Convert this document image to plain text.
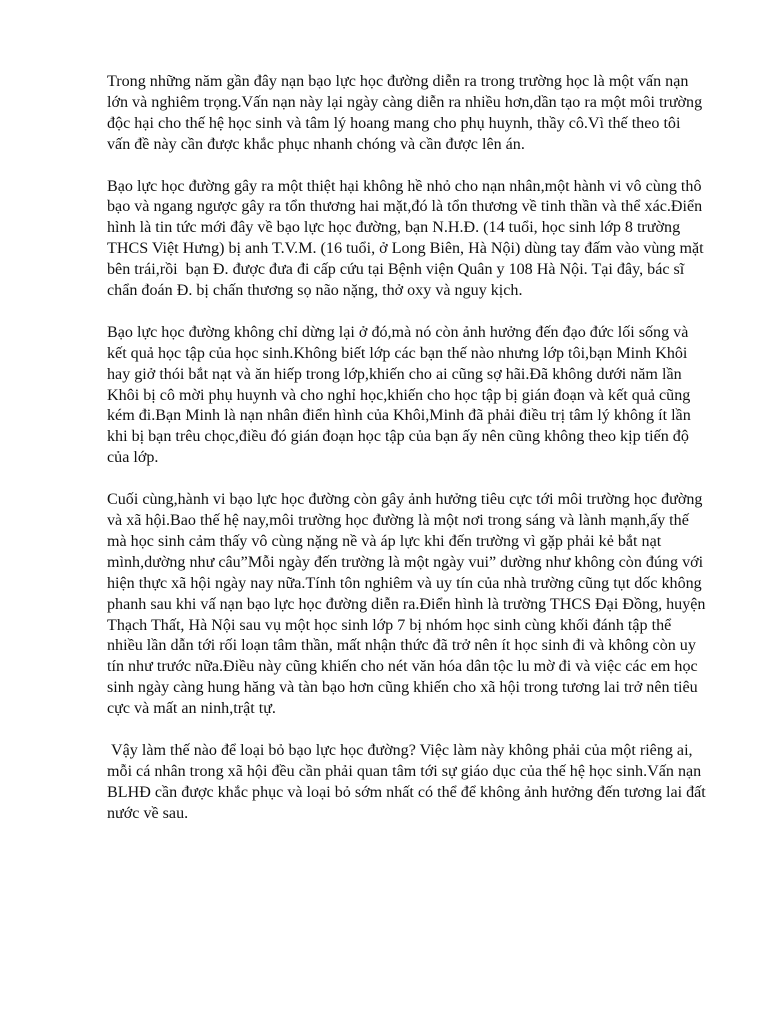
Trong những năm gần đây nạn bạo lực học đường diễn ra trong trường học là một vấn nạn lớn và nghiêm trọng.Vấn nạn này lại ngày càng diễn ra nhiều hơn,dần tạo ra một môi trường độc hại cho thế hệ học sinh và tâm lý hoang mang cho phụ huynh, thầy cô.Vì thế theo tôi vấn đề này cần được khắc phục nhanh chóng và cần được lên án.

Bạo lực học đường gây ra một thiệt hại không hề nhỏ cho nạn nhân,một hành vi vô cùng thô bạo và ngang ngược gây ra tổn thương hai mặt,đó là tổn thương về tinh thần và thể xác.Điển hình là tin tức mới đây về bạo lực học đường, bạn N.H.Đ. (14 tuổi, học sinh lớp 8 trường THCS Việt Hưng) bị anh T.V.M. (16 tuổi, ở Long Biên, Hà Nội) dùng tay đấm vào vùng mặt bên trái,rồi  bạn Đ. được đưa đi cấp cứu tại Bệnh viện Quân y 108 Hà Nội. Tại đây, bác sĩ chẩn đoán Đ. bị chấn thương sọ não nặng, thở oxy và nguy kịch.

Bạo lực học đường không chỉ dừng lại ở đó,mà nó còn ảnh hưởng đến đạo đức lối sống và kết quả học tập của học sinh.Không biết lớp các bạn thế nào nhưng lớp tôi,bạn Minh Khôi hay giở thói bắt nạt và ăn hiếp trong lớp,khiến cho ai cũng sợ hãi.Đã không dưới năm lần Khôi bị cô mời phụ huynh và cho nghỉ học,khiến cho học tập bị gián đoạn và kết quả cũng kém đi.Bạn Minh là nạn nhân điển hình của Khôi,Minh đã phải điều trị tâm lý không ít lần khi bị bạn trêu chọc,điều đó gián đoạn học tập của bạn ấy nên cũng không theo kịp tiến độ của lớp.

Cuối cùng,hành vi bạo lực học đường còn gây ảnh hưởng tiêu cực tới môi trường học đường và xã hội.Bao thế hệ nay,môi trường học đường là một nơi trong sáng và lành mạnh,ấy thế mà học sinh cảm thấy vô cùng nặng nề và áp lực khi đến trường vì gặp phải kẻ bắt nạt mình,dường như câu”Mỗi ngày đến trường là một ngày vui” dường như không còn đúng với hiện thực xã hội ngày nay nữa.Tính tôn nghiêm và uy tín của nhà trường cũng tụt dốc không phanh sau khi vấ nạn bạo lực học đường diễn ra.Điển hình là trường THCS Đại Đồng, huyện Thạch Thất, Hà Nội sau vụ một học sinh lớp 7 bị nhóm học sinh cùng khối đánh tập thể nhiều lần dẫn tới rối loạn tâm thần, mất nhận thức đã trở nên ít học sinh đi và không còn uy tín như trước nữa.Điều này cũng khiến cho nét văn hóa dân tộc lu mờ đi và việc các em học sinh ngày càng hung hăng và tàn bạo hơn cũng khiến cho xã hội trong tương lai trở nên tiêu cực và mất an ninh,trật tự.

Vậy làm thế nào để loại bỏ bạo lực học đường? Việc làm này không phải của một riêng ai, mỗi cá nhân trong xã hội đều cần phải quan tâm tới sự giáo dục của thế hệ học sinh.Vấn nạn BLHĐ cần được khắc phục và loại bỏ sớm nhất có thể để không ảnh hưởng đến tương lai đất nước về sau.
